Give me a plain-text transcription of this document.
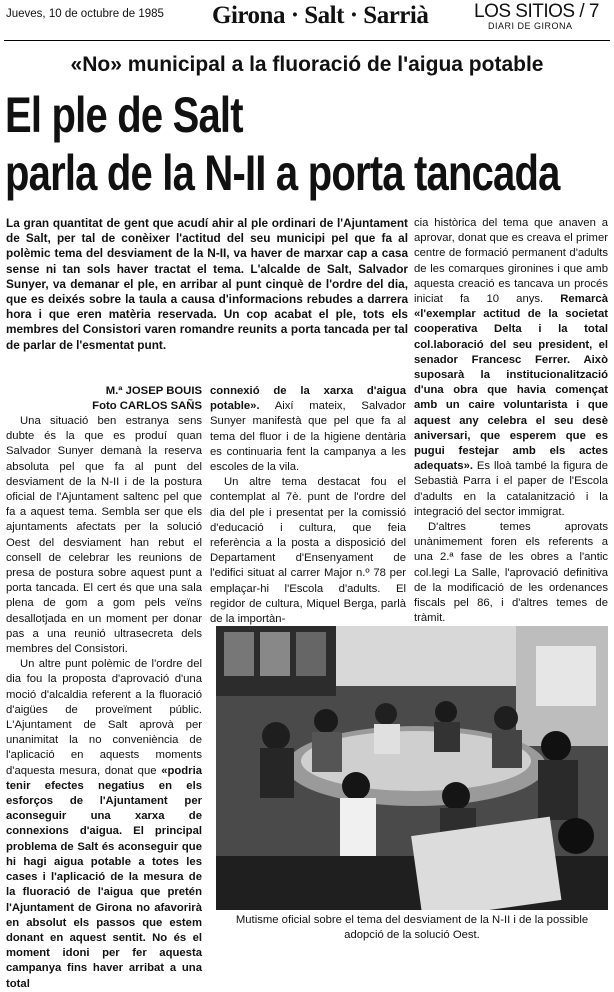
Jueves, 10 de octubre de 1985 Girona · Salt · Sarrià LOS SITIOS / 7
DIARI DE GIRONA
«No» municipal a la fluoració de l'aigua potable
El ple de Salt
parla de la N-II a porta tancada
La gran quantitat de gent que acudí ahir al ple ordinari de l'Ajuntament de Salt, per tal de conèixer l'actitud del seu municipi pel que fa al polèmic tema del desviament de la N-II, va haver de marxar cap a casa sense ni tan sols haver tractat el tema. L'alcalde de Salt, Salvador Sunyer, va demanar el ple, en arribar al punt cinquè de l'ordre del dia, que es deixés sobre la taula a causa d'informacions rebudes a darrera hora i que eren matèria reservada. Un cop acabat el ple, tots els membres del Consistori varen romandre reunits a porta tancada per tal de parlar de l'esmentat punt.
M.ª JOSEP BOUIS
Foto CARLOS SAÑS

Una situació ben estranya sens dubte és la que es produí quan Salvador Sunyer demanà la reserva absoluta pel que fa al punt del desviament de la N-II i de la postura oficial de l'Ajuntament saltenc pel que fa a aquest tema. Sembla ser que els ajuntaments afectats per la solució Oest del desviament han rebut el consell de celebrar les reunions de presa de postura sobre aquest punt a porta tancada. El cert és que una sala plena de gom a gom pels veïns desallotjada en un moment per donar pas a una reunió ultrasecreta dels membres del Consistori.

Un altre punt polèmic de l'ordre del dia fou la proposta d'aprovació d'una moció d'alcaldia referent a la fluoració d'aigües de proveïment públic. L'Ajuntament de Salt aprovà per unanimitat la no conveniència de l'aplicació en aquests moments d'aquesta mesura, donat que «podria tenir efectes negatius en els esforços de l'Ajuntament per aconseguir una xarxa de connexions d'aigua. El principal problema de Salt és aconseguir que hi hagi aigua potable a totes les cases i l'aplicació de la mesura de la fluoració de l'aigua que pretén l'Ajuntament de Girona no afavorirà en absolut els passos que estem donant en aquest sentit. No és el moment idoni per fer aquesta campanya fins haver arribat a una total

connexió de la xarxa d'aigua potable». Així mateix, Salvador Sunyer manifestà que pel que fa al tema del fluor i de la higiene dentària es continuaria fent la campanya a les escoles de la vila.

Un altre tema destacat fou el contemplat al 7è. punt de l'ordre del dia del ple i presentat per la comissió d'educació i cultura, que feia referència a la posta a disposició del Departament d'Ensenyament de l'edifici situat al carrer Major n.º 78 per emplaçar-hi l'Escola d'adults. El regidor de cultura, Miquel Berga, parlà de la importàn-

cia històrica del tema que anaven a aprovar, donat que es creava el primer centre de formació permanent d'adults de les comarques gironines i que amb aquesta creació es tancava un procés iniciat fa 10 anys. Remarcà «l'exemplar actitud de la societat cooperativa Delta i la total col.laboració del seu president, el senador Francesc Ferrer. Això suposarà la institucionalització d'una obra que havia començat amb un caire voluntarista i que aquest any celebra el seu desè aniversari, que esperem que es pugui festejar amb els actes adequats». Es lloà també la figura de Sebastià Parra i el paper de l'Escola d'adults en la catalanització i la integració del sector immigrat.

D'altres temes aprovats unànimement foren els referents a una 2.ª fase de les obres a l'antic col.legi La Salle, l'aprovació definitiva de la modificació de les ordenances fiscals pel 86, i d'altres temes de tràmit.

Mutisme oficial sobre el tema del desviament de la N-II i de la possible adopció de la solució Oest.
